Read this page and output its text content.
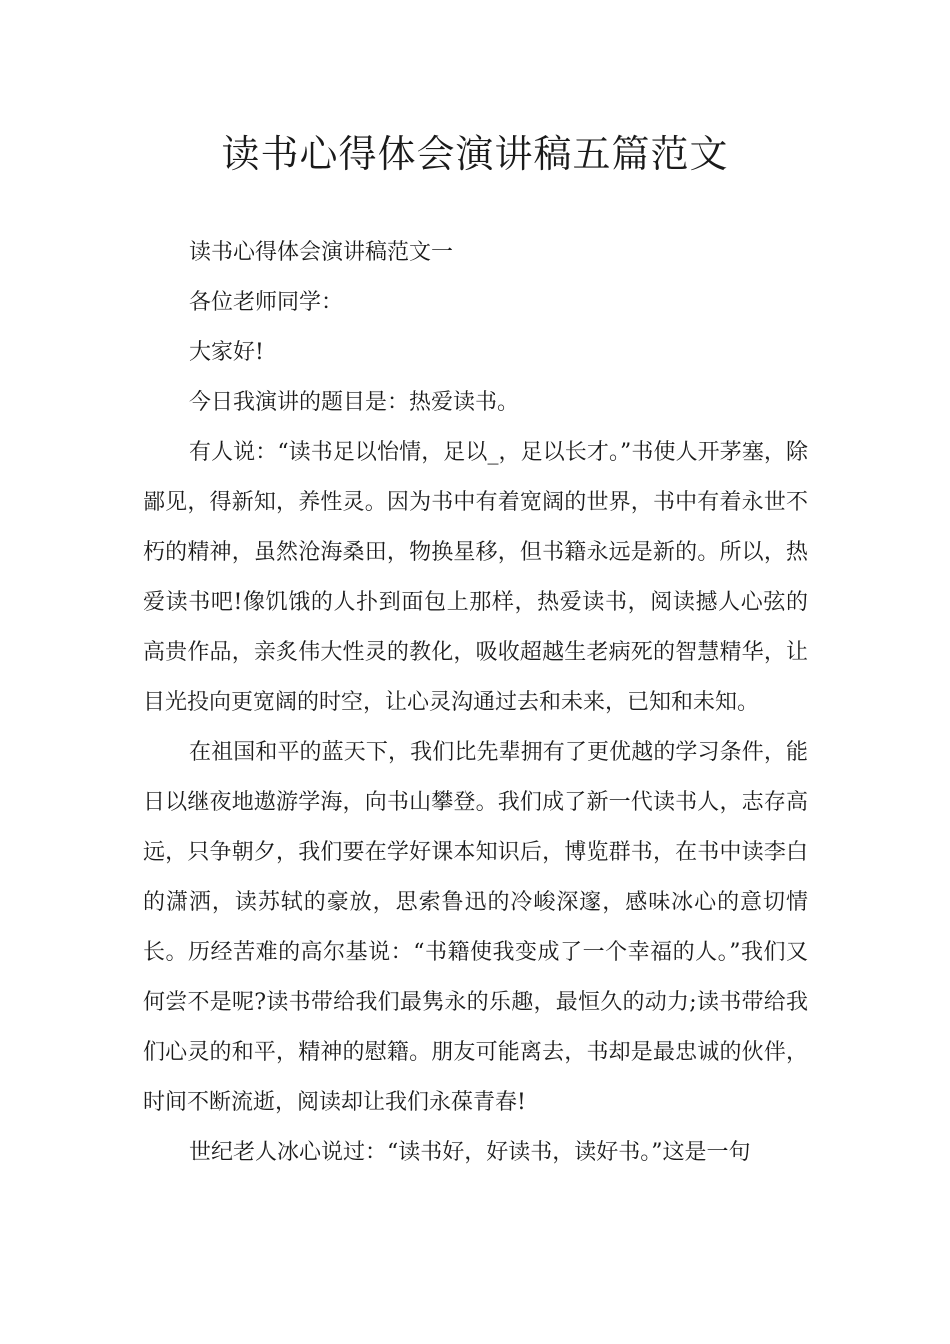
读书心得体会演讲稿五篇范文

读书心得体会演讲稿范文一

各位老师同学：

大家好!

今日我演讲的题目是：热爱读书。

有人说：“读书足以怡情，足以_，足以长才。”书使人开茅塞，除鄙见，得新知，养性灵。因为书中有着宽阔的世界，书中有着永世不朽的精神，虽然沧海桑田，物换星移，但书籍永远是新的。所以，热爱读书吧!像饥饿的人扑到面包上那样，热爱读书，阅读撼人心弦的高贵作品，亲炙伟大性灵的教化，吸收超越生老病死的智慧精华，让目光投向更宽阔的时空，让心灵沟通过去和未来，已知和未知。

在祖国和平的蓝天下，我们比先辈拥有了更优越的学习条件，能日以继夜地遨游学海，向书山攀登。我们成了新一代读书人，志存高远，只争朝夕，我们要在学好课本知识后，博览群书，在书中读李白的潇洒，读苏轼的豪放，思索鲁迅的冷峻深邃，感味冰心的意切情长。历经苦难的高尔基说：“书籍使我变成了一个幸福的人。”我们又何尝不是呢?读书带给我们最隽永的乐趣，最恒久的动力;读书带给我们心灵的和平，精神的慰籍。朋友可能离去，书却是最忠诚的伙伴，时间不断流逝，阅读却让我们永葆青春!

世纪老人冰心说过：“读书好，好读书，读好书。”这是一句
